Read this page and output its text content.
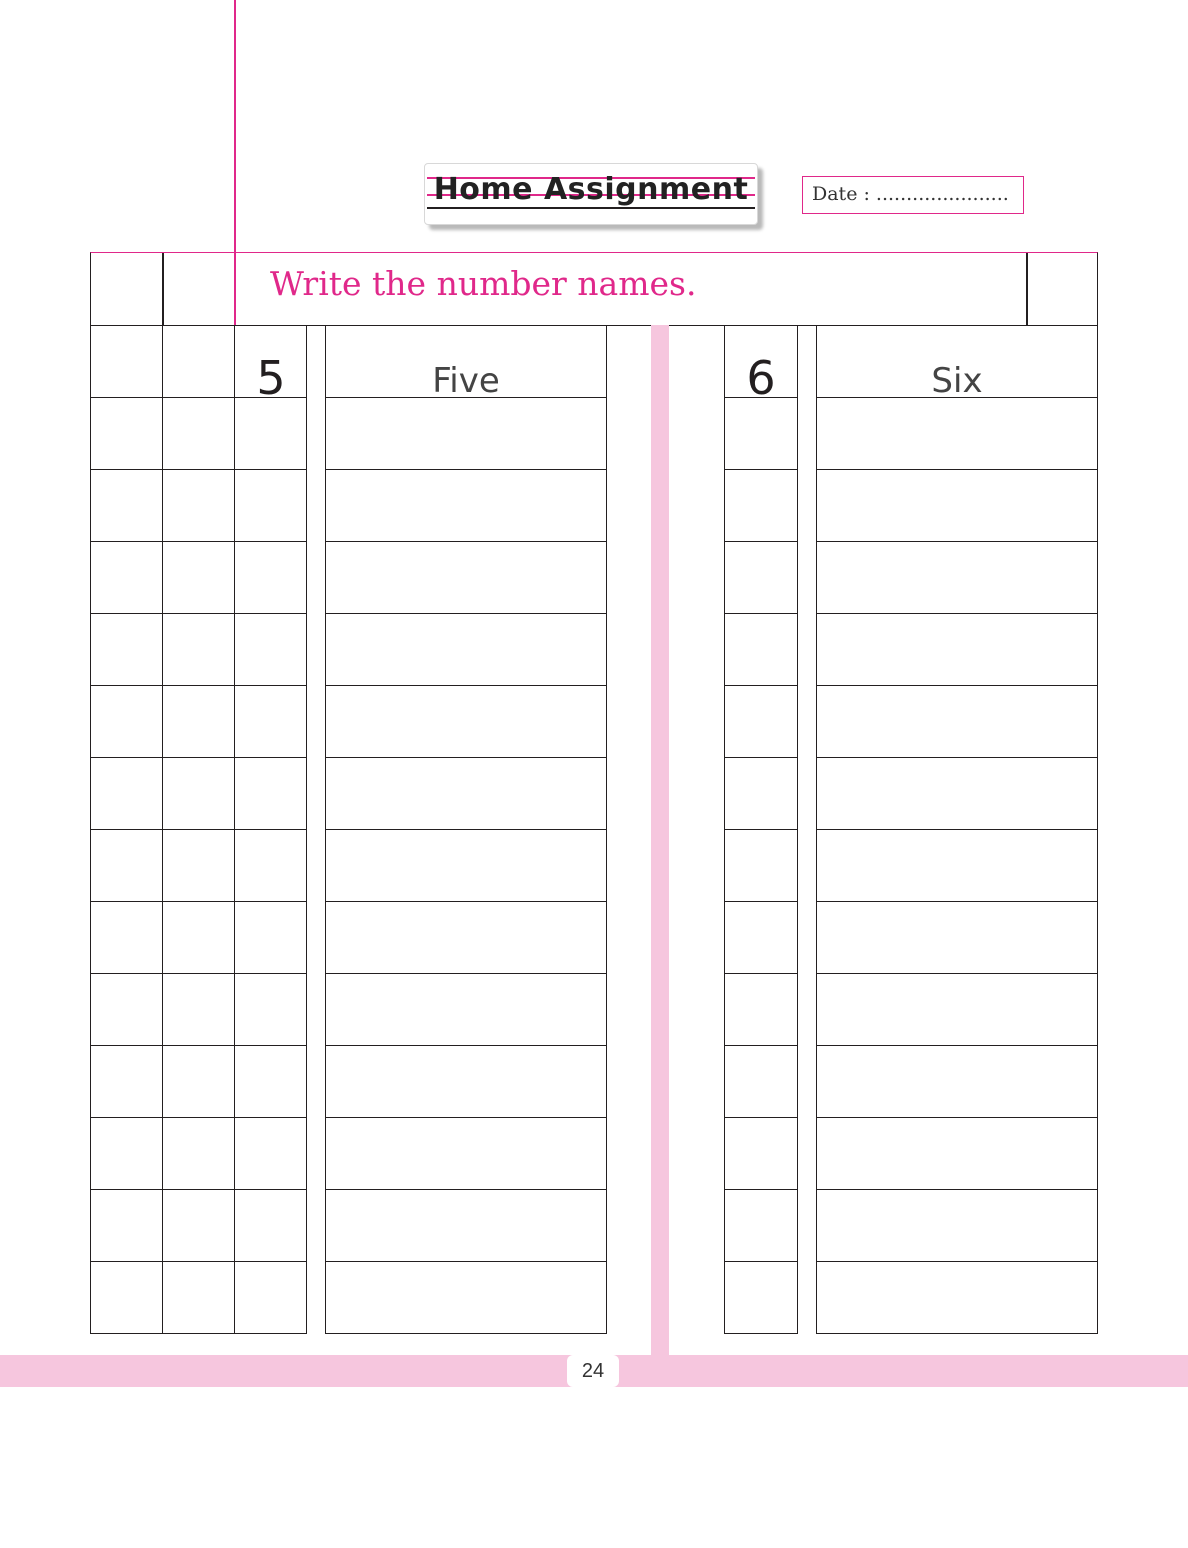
Home Assignment	Date : ......................
Write the number names.

5	Five	6	Six
24
